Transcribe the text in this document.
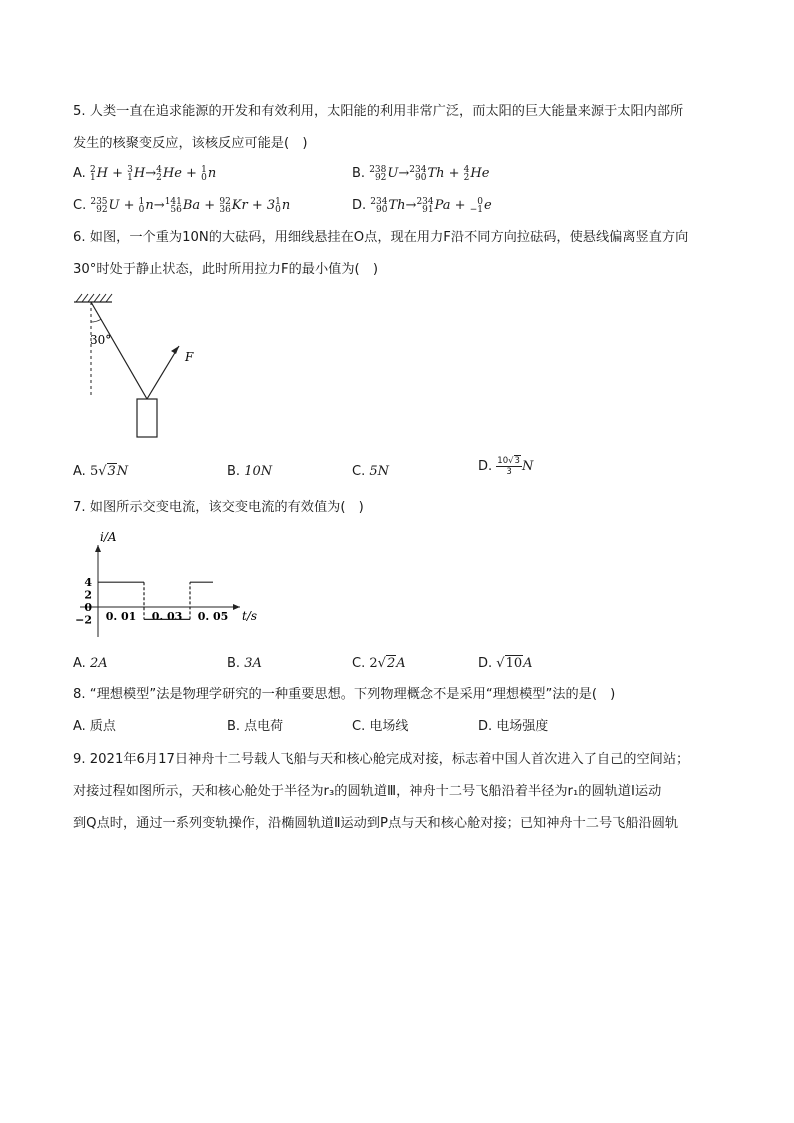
5. 人类一直在追求能源的开发和有效利用，太阳能的利用非常广泛，而太阳的巨大能量来源于太阳内部所
发生的核聚变反应，该核反应可能是(　)
A. 2
1 H + 3
1 H→ 4
2 He + 1
0 n	B. 238
92 U→ 234
90 Th + 4
2 He
C. 235
92 U + 1
0 n→ 141
56 Ba + 92
36 Kr + 3 1
0 n	D. 234
90 Th→ 234
91 Pa + 0
−1 e
6. 如图，一个重为10N的大砝码，用细线悬挂在O点，现在用力F沿不同方向拉砝码，使悬线偏离竖直方向
30°时处于静止状态，此时所用拉力F的最小值为(　)
30°
F
A. 5√3N	B. 10N	C. 5N	D. $\frac{10√3}{3}$ N
7. 如图所示交变电流，该交变电流的有效值为(　)
4
2
0
−2 0. 01 0. 03 0. 05
i/A
t/s
A. 2A	B. 3A	C. 2√2A	D. √10A
8. “理想模型”法是物理学研究的一种重要思想。下列物理概念不是采用“理想模型”法的是(　)
A. 质点	B. 点电荷	C. 电场线	D. 电场强度
9. 2021年6月17日神舟十二号载人飞船与天和核心舱完成对接，标志着中国人首次进入了自己的空间站；
对接过程如图所示，天和核心舱处于半径为r₃的圆轨道Ⅲ，神舟十二号飞船沿着半径为r₁的圆轨道Ⅰ运动
到Q点时，通过一系列变轨操作，沿椭圆轨道Ⅱ运动到P点与天和核心舱对接；已知神舟十二号飞船沿圆轨
